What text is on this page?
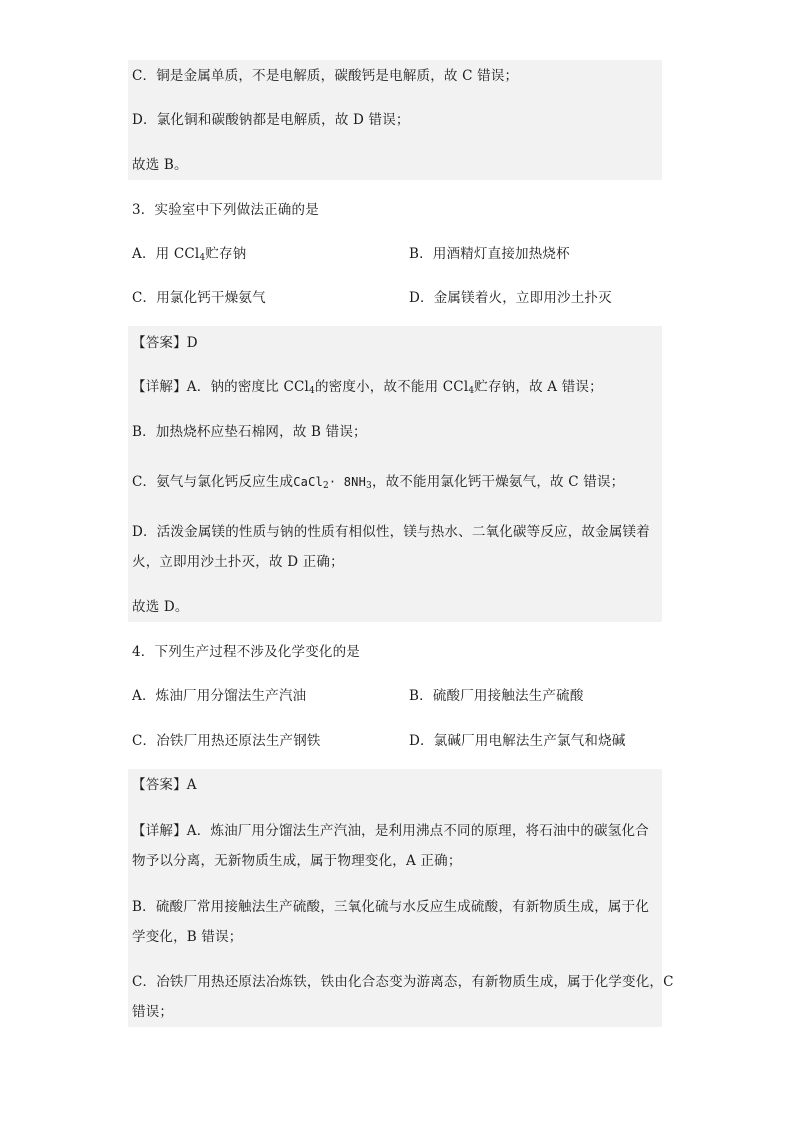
C．铜是金属单质，不是电解质，碳酸钙是电解质，故 C 错误；
D．氯化铜和碳酸钠都是电解质，故 D 错误；
故选 B。
3．实验室中下列做法正确的是
A．用 CCl$_4$贮存钠	B．用酒精灯直接加热烧杯
C．用氯化钙干燥氨气	D．金属镁着火，立即用沙土扑灭
【答案】D
【详解】A．钠的密度比 CCl$_4$的密度小，故不能用 CCl$_4$贮存钠，故 A 错误；
B．加热烧杯应垫石棉网，故 B 错误；
C．氨气与氯化钙反应生成CaCl$_2$· $8NH_3$，故不能用氯化钙干燥氨气，故 C 错误；
D．活泼金属镁的性质与钠的性质有相似性，镁与热水、二氧化碳等反应，故金属镁着
火，立即用沙土扑灭，故 D 正确；
故选 D。
4．下列生产过程不涉及化学变化的是
A．炼油厂用分馏法生产汽油	B．硫酸厂用接触法生产硫酸
C．冶铁厂用热还原法生产钢铁	D．氯碱厂用电解法生产氯气和烧碱
【答案】A
【详解】A．炼油厂用分馏法生产汽油，是利用沸点不同的原理，将石油中的碳氢化合
物予以分离，无新物质生成，属于物理变化，A 正确；
B．硫酸厂常用接触法生产硫酸，三氧化硫与水反应生成硫酸，有新物质生成，属于化
学变化，B 错误；
C．冶铁厂用热还原法冶炼铁，铁由化合态变为游离态，有新物质生成，属于化学变化，C
错误；
